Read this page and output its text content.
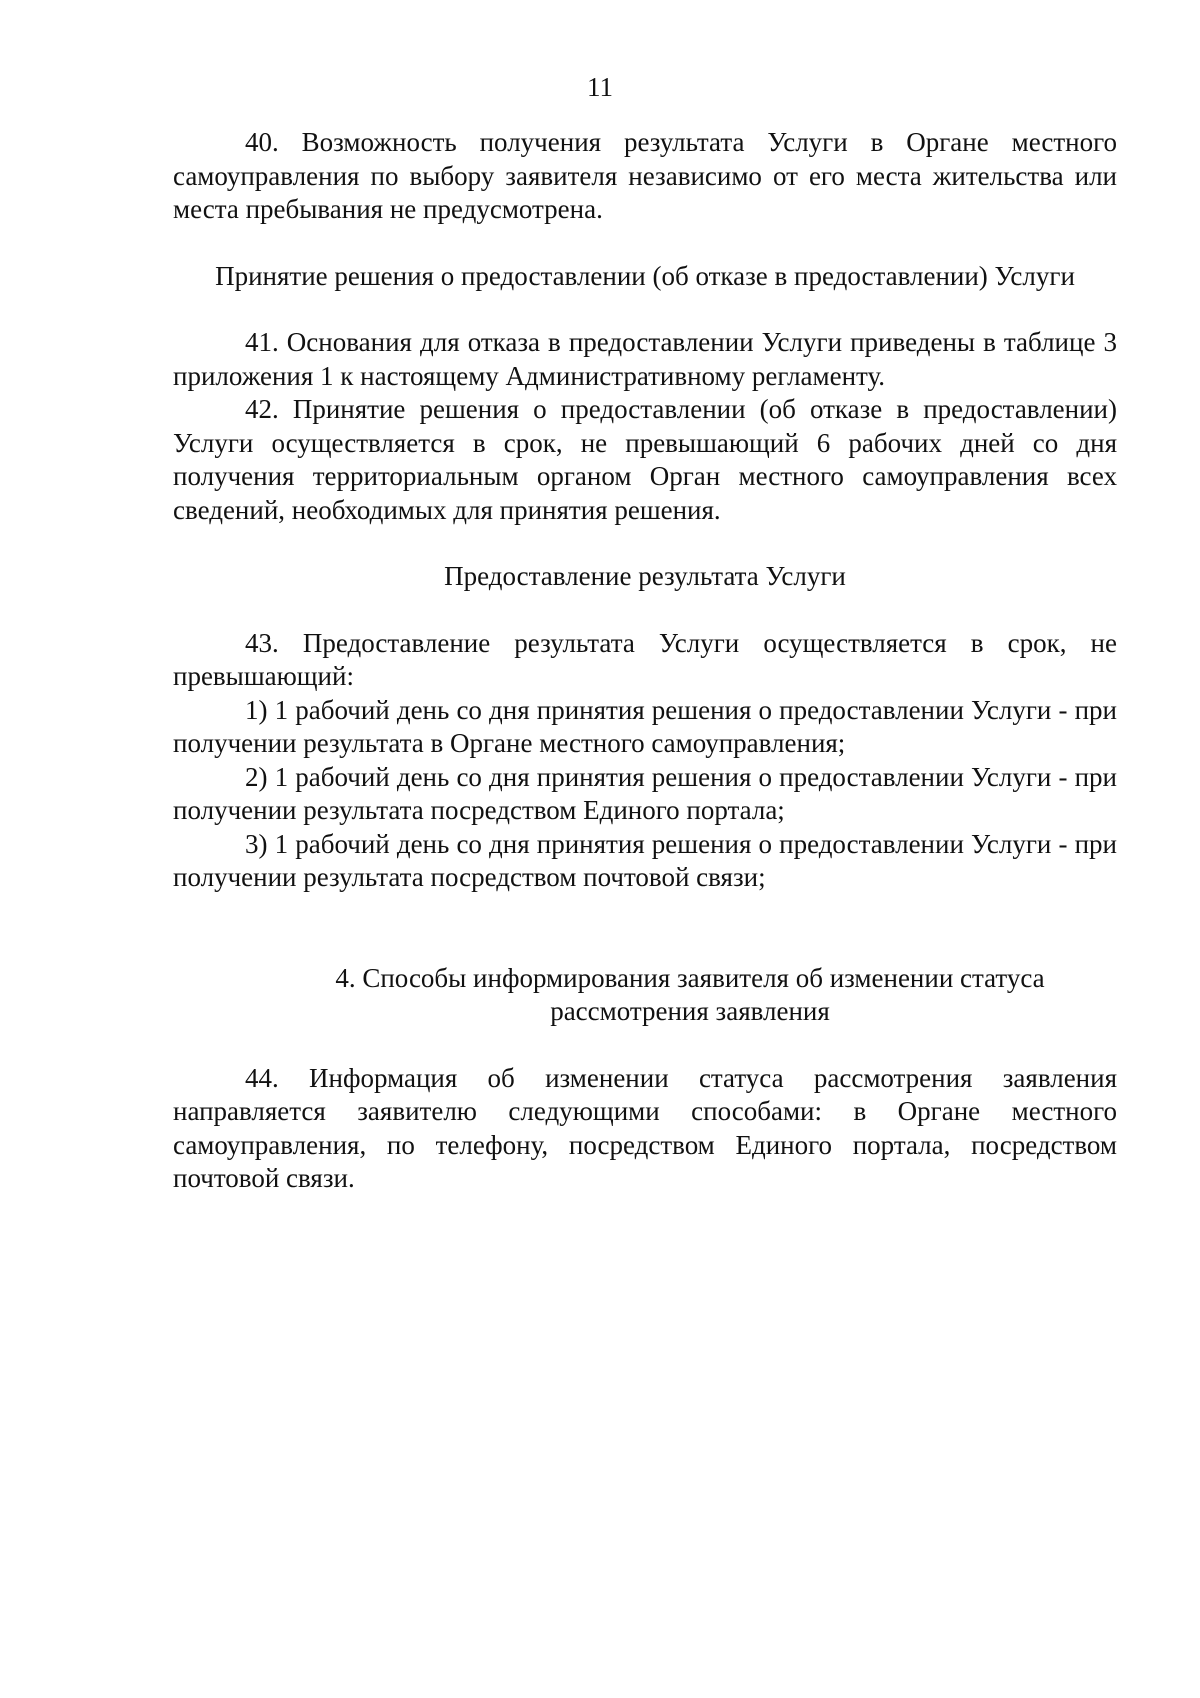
11

40. Возможность получения результата Услуги в Органе местного самоуправления по выбору заявителя независимо от его места жительства или места пребывания не предусмотрена.

Принятие решения о предоставлении (об отказе в предоставлении) Услуги

41. Основания для отказа в предоставлении Услуги приведены в таблице 3 приложения 1 к настоящему Административному регламенту.

42. Принятие решения о предоставлении (об отказе в предоставлении) Услуги осуществляется в срок, не превышающий 6 рабочих дней со дня получения территориальным органом Орган местного самоуправления всех сведений, необходимых для принятия решения.

Предоставление результата Услуги

43. Предоставление результата Услуги осуществляется в срок, не превышающий:

1) 1 рабочий день со дня принятия решения о предоставлении Услуги - при получении результата в Органе местного самоуправления;

2) 1 рабочий день со дня принятия решения о предоставлении Услуги - при получении результата посредством Единого портала;

3) 1 рабочий день со дня принятия решения о предоставлении Услуги - при получении результата посредством почтовой связи;

4. Способы информирования заявителя об изменении статуса

рассмотрения заявления

44. Информация об изменении статуса рассмотрения заявления направляется заявителю следующими способами: в Органе местного самоуправления, по телефону, посредством Единого портала, посредством почтовой связи.
